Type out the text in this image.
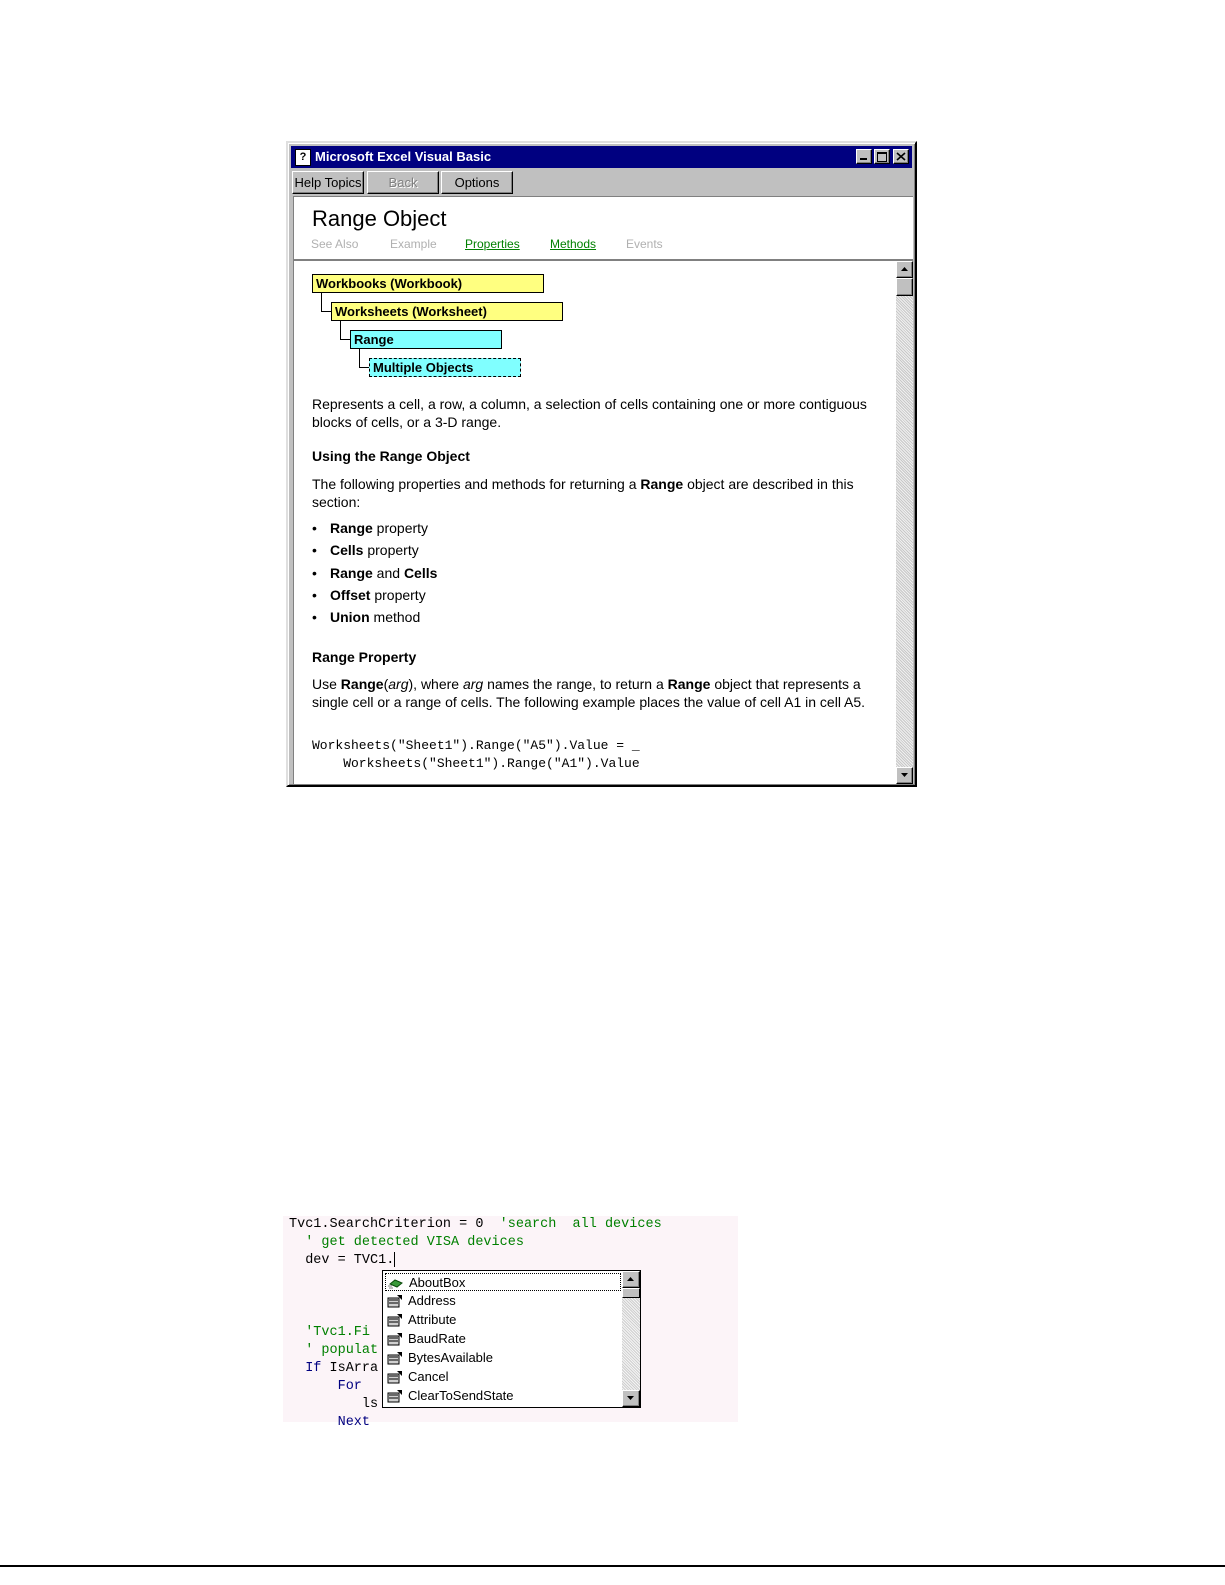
? Microsoft Excel Visual Basic
Help Topics	Back	Options
Range Object
See Also	Example Properties	Methods Events
Workbooks (Workbook)
Worksheets (Worksheet)
Range
Multiple Objects
Represents a cell, a row, a column, a selection of cells containing one or more contiguous blocks of cells, or a 3-D range.
Using the Range Object
The following properties and methods for returning a Range object are described in this section:
• Range property
• Cells property
• Range and Cells
• Offset property
• Union method
Range Property
Use Range(arg), where arg names the range, to return a Range object that represents a single cell or a range of cells. The following example places the value of cell A1 in cell A5.
Worksheets("Sheet1").Range("A5").Value = _
Worksheets("Sheet1").Range("A1").Value
Tvc1.SearchCriterion = 0  'search  all devices
' get detected VISA devices
dev = TVC1.
'Tvc1.Fi
' populat
If IsArra
For
ls
Next
AboutBox
Address
Attribute
BaudRate
BytesAvailable
Cancel
ClearToSendState
